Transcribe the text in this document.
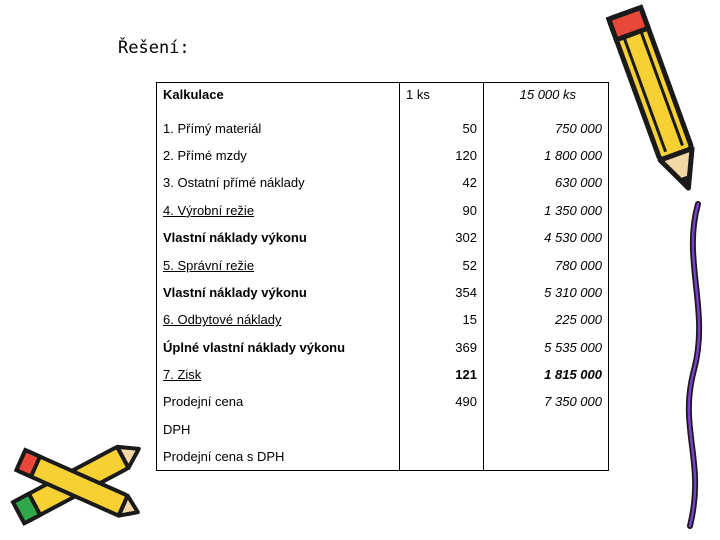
Řešení:
Kalkulace	1 ks	15 000 ks
1. Přímý materiál	50	750 000
2. Přímé mzdy	120	1 800 000
3. Ostatní přímé náklady	42	630 000
4. Výrobní režie	90	1 350 000
Vlastní náklady výkonu	302	4 530 000
5. Správní režie	52	780 000
Vlastní náklady výkonu	354	5 310 000
6. Odbytové náklady	15	225 000
Úplné vlastní náklady výkonu	369	5 535 000
7. Zisk	121	1 815 000
Prodejní cena	490	7 350 000
DPH		
Prodejní cena s DPH		
